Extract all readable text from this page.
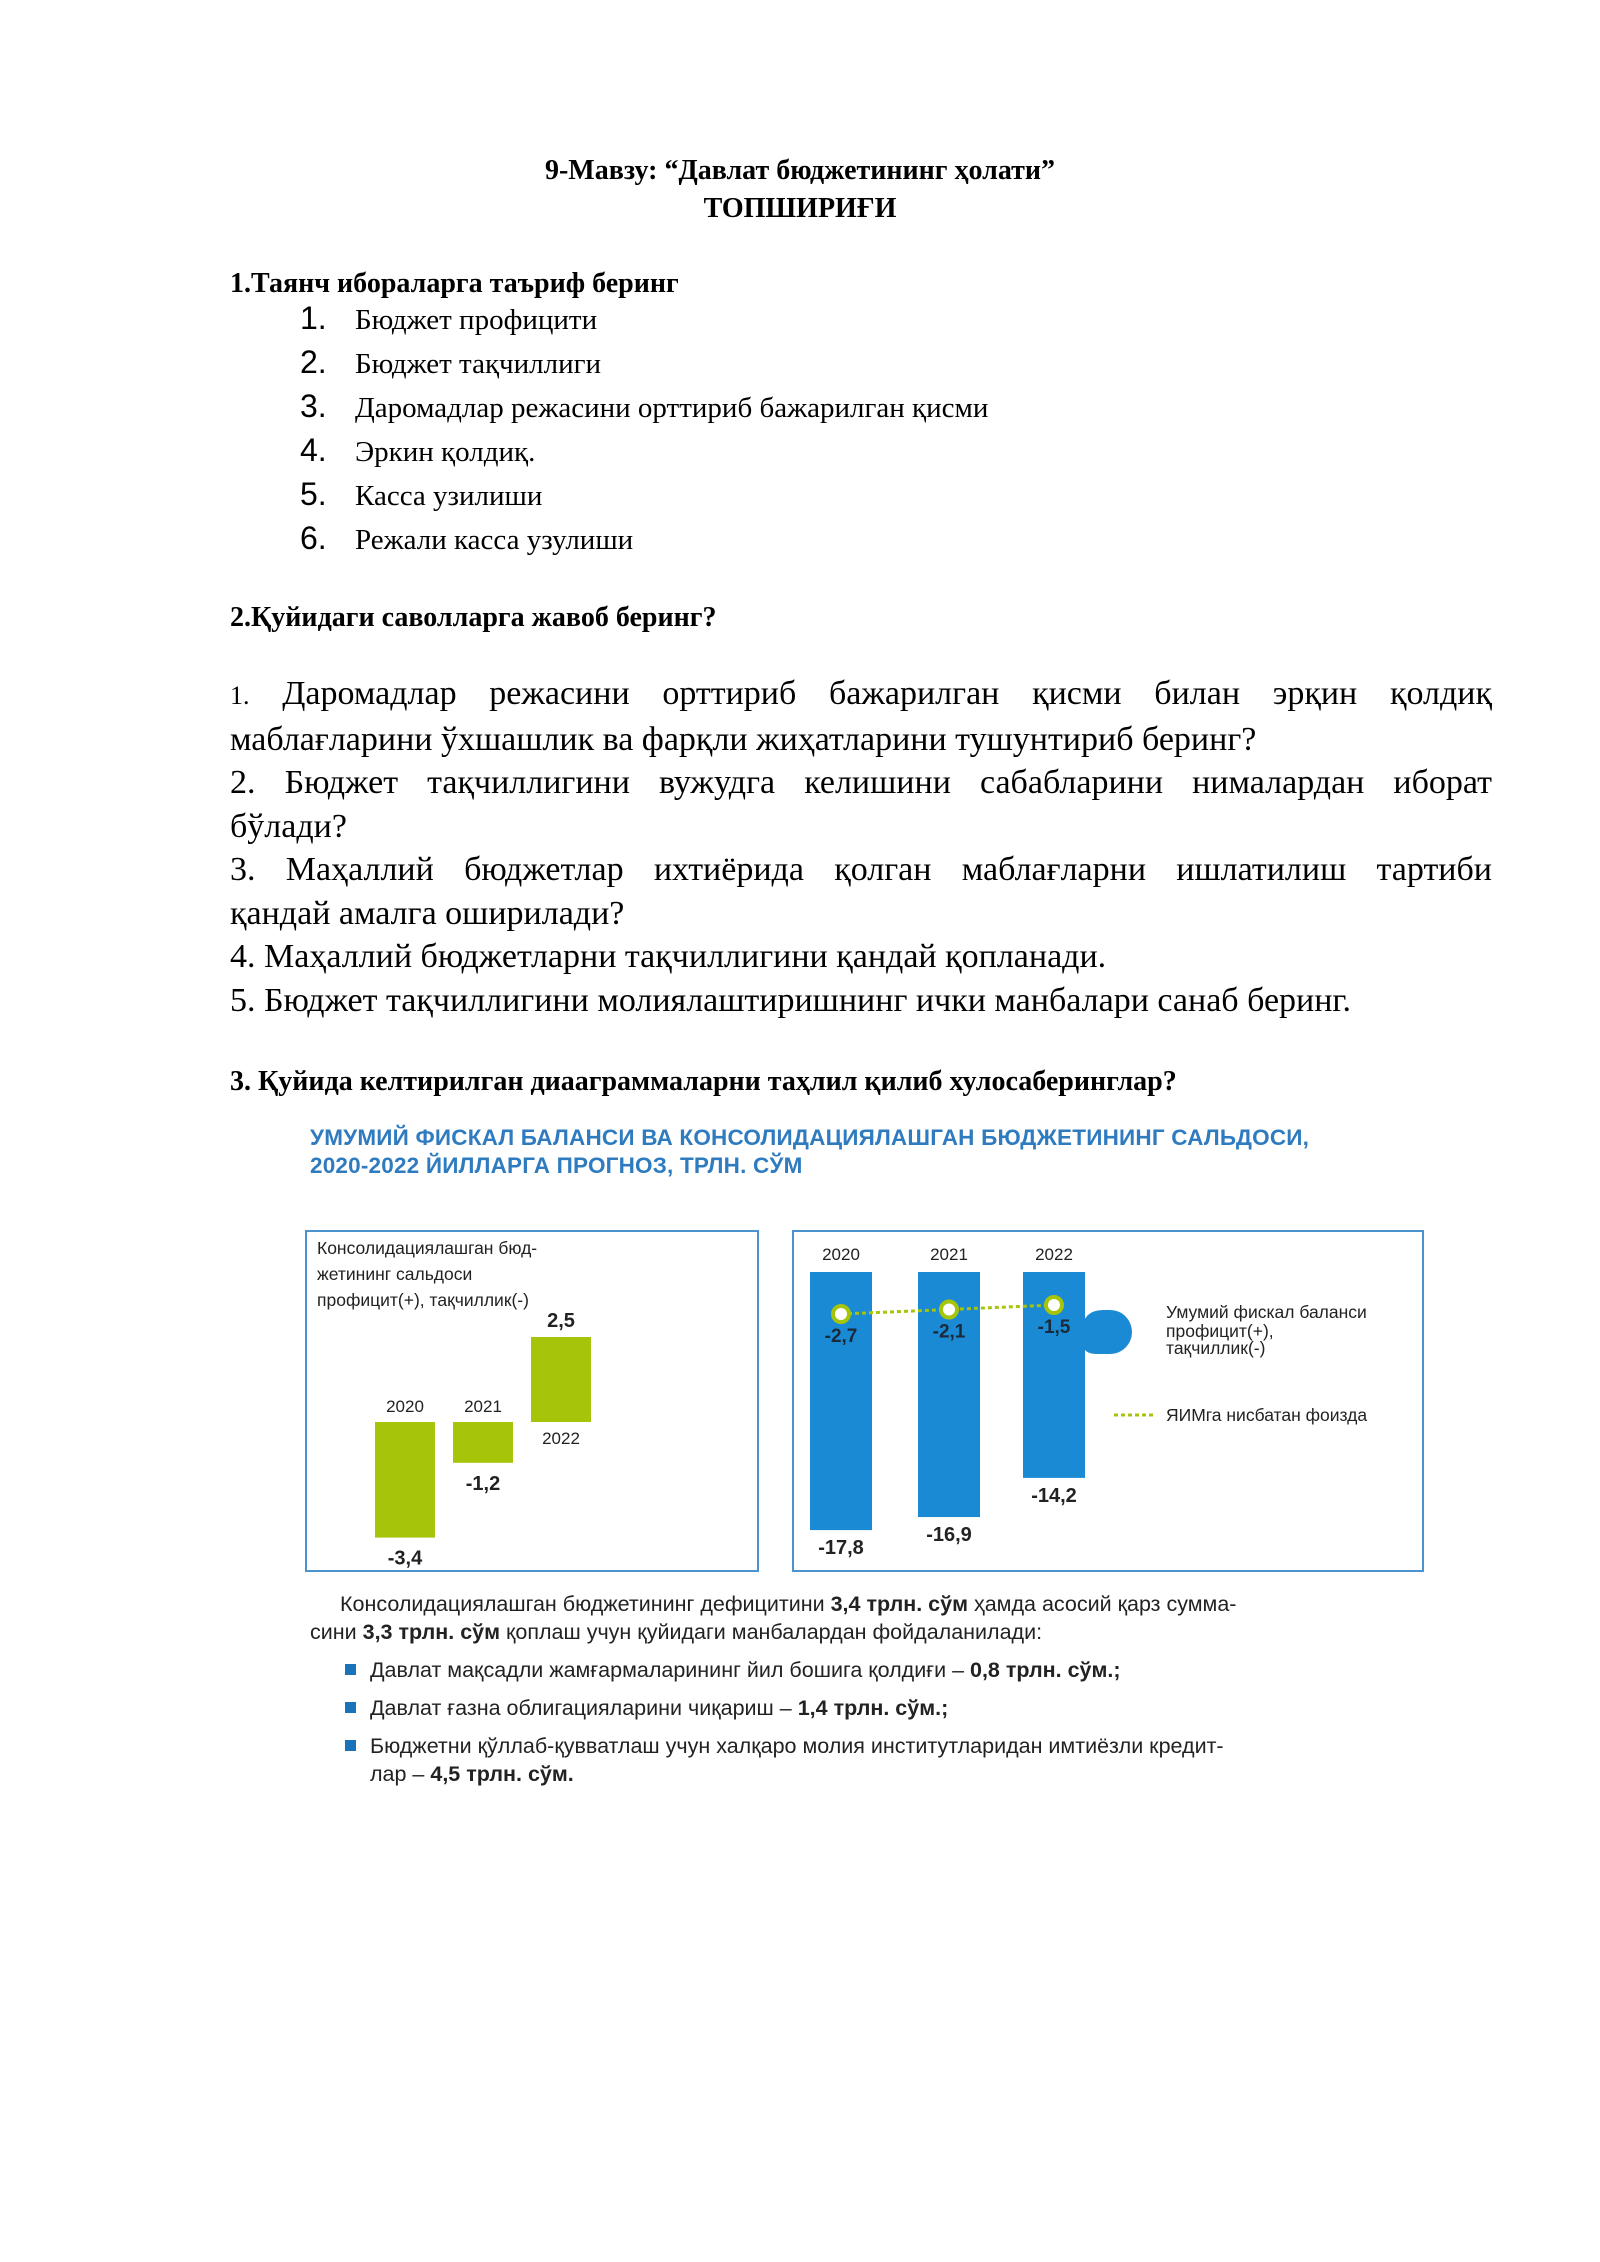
9-Мавзу: “Давлат бюджетининг ҳолати”
ТОПШИРИҒИ
1.Таянч ибораларга таъриф беринг
1. Бюджет профицити
2. Бюджет тақчиллиги
3. Даромадлар режасини орттириб бажарилган қисми
4. Эркин қолдиқ.
5. Касса узилиши
6. Режали касса узулиши
2.Қуйидаги саволларга жавоб беринг?
1. Даромадлар режасини орттириб бажарилган қисми билан эрқин қолдиқ
маблағларини ўхшашлик ва фарқли жиҳатларини тушунтириб беринг?
2. Бюджет тақчиллигини вужудга келишини сабабларини нималардан иборат
бўлади?
3. Маҳаллий бюджетлар ихтиёрида қолган маблағларни ишлатилиш тартиби
қандай амалга оширилади?
4. Маҳаллий бюджетларни тақчиллигини қандай қопланади.
5. Бюджет тақчиллигини молиялаштиришнинг ички манбалари санаб беринг.
3. Қуйида келтирилган диааграммаларни таҳлил қилиб хулосаберинглар?
УМУМИЙ ФИСКАЛ БАЛАНСИ ВА КОНСОЛИДАЦИЯЛАШГАН БЮДЖЕТИНИНГ САЛЬДОСИ,
2020-2022 ЙИЛЛАРГА ПРОГНОЗ, ТРЛН. СЎМ
Консолидациялашган бюд-
жетининг сальдоси
профицит(+), тақчиллик(-)
2020
-3,4
2021
-1,2
2022
2,5
2020
-17,8
2021
-16,9
2022
-14,2
-2,7	-2,1	-1,5
Умумий фискал баланси
профицит(+),
тақчиллик(-)
ЯИМга нисбатан фоизда
Консолидациялашган бюджетининг дефицитини 3,4 трлн. сўм ҳамда асосий қарз сумма-
сини 3,3 трлн. сўм қоплаш учун қуйидаги манбалардан фойдаланилади:
Давлат мақсадли жамғармаларининг йил бошига қолдиғи – 0,8 трлн. сўм.;
Давлат ғазна облигацияларини чиқариш – 1,4 трлн. сўм.;
Бюджетни қўллаб-қувватлаш учун халқаро молия институтларидан имтиёзли кредит-
лар – 4,5 трлн. сўм.
